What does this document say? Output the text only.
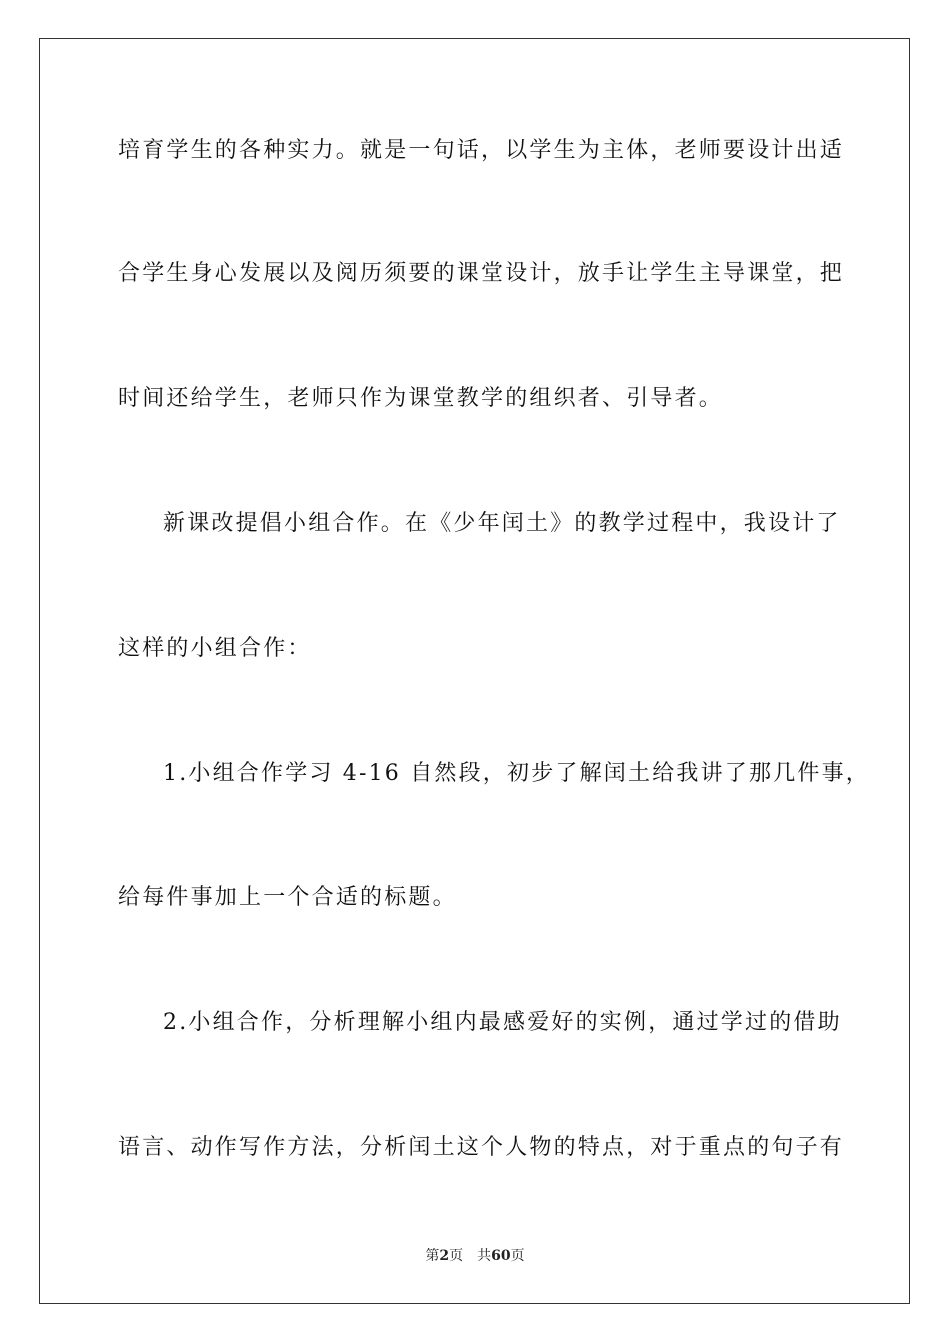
培育学生的各种实力。就是一句话，以学生为主体，老师要设计出适
合学生身心发展以及阅历须要的课堂设计，放手让学生主导课堂，把
时间还给学生，老师只作为课堂教学的组织者、引导者。
新课改提倡小组合作。在《少年闰土》的教学过程中，我设计了
这样的小组合作：
1.小组合作学习 4-16 自然段，初步了解闰土给我讲了那几件事，
给每件事加上一个合适的标题。
2.小组合作，分析理解小组内最感爱好的实例，通过学过的借助
语言、动作写作方法，分析闰土这个人物的特点，对于重点的句子有
第2页 共60页
